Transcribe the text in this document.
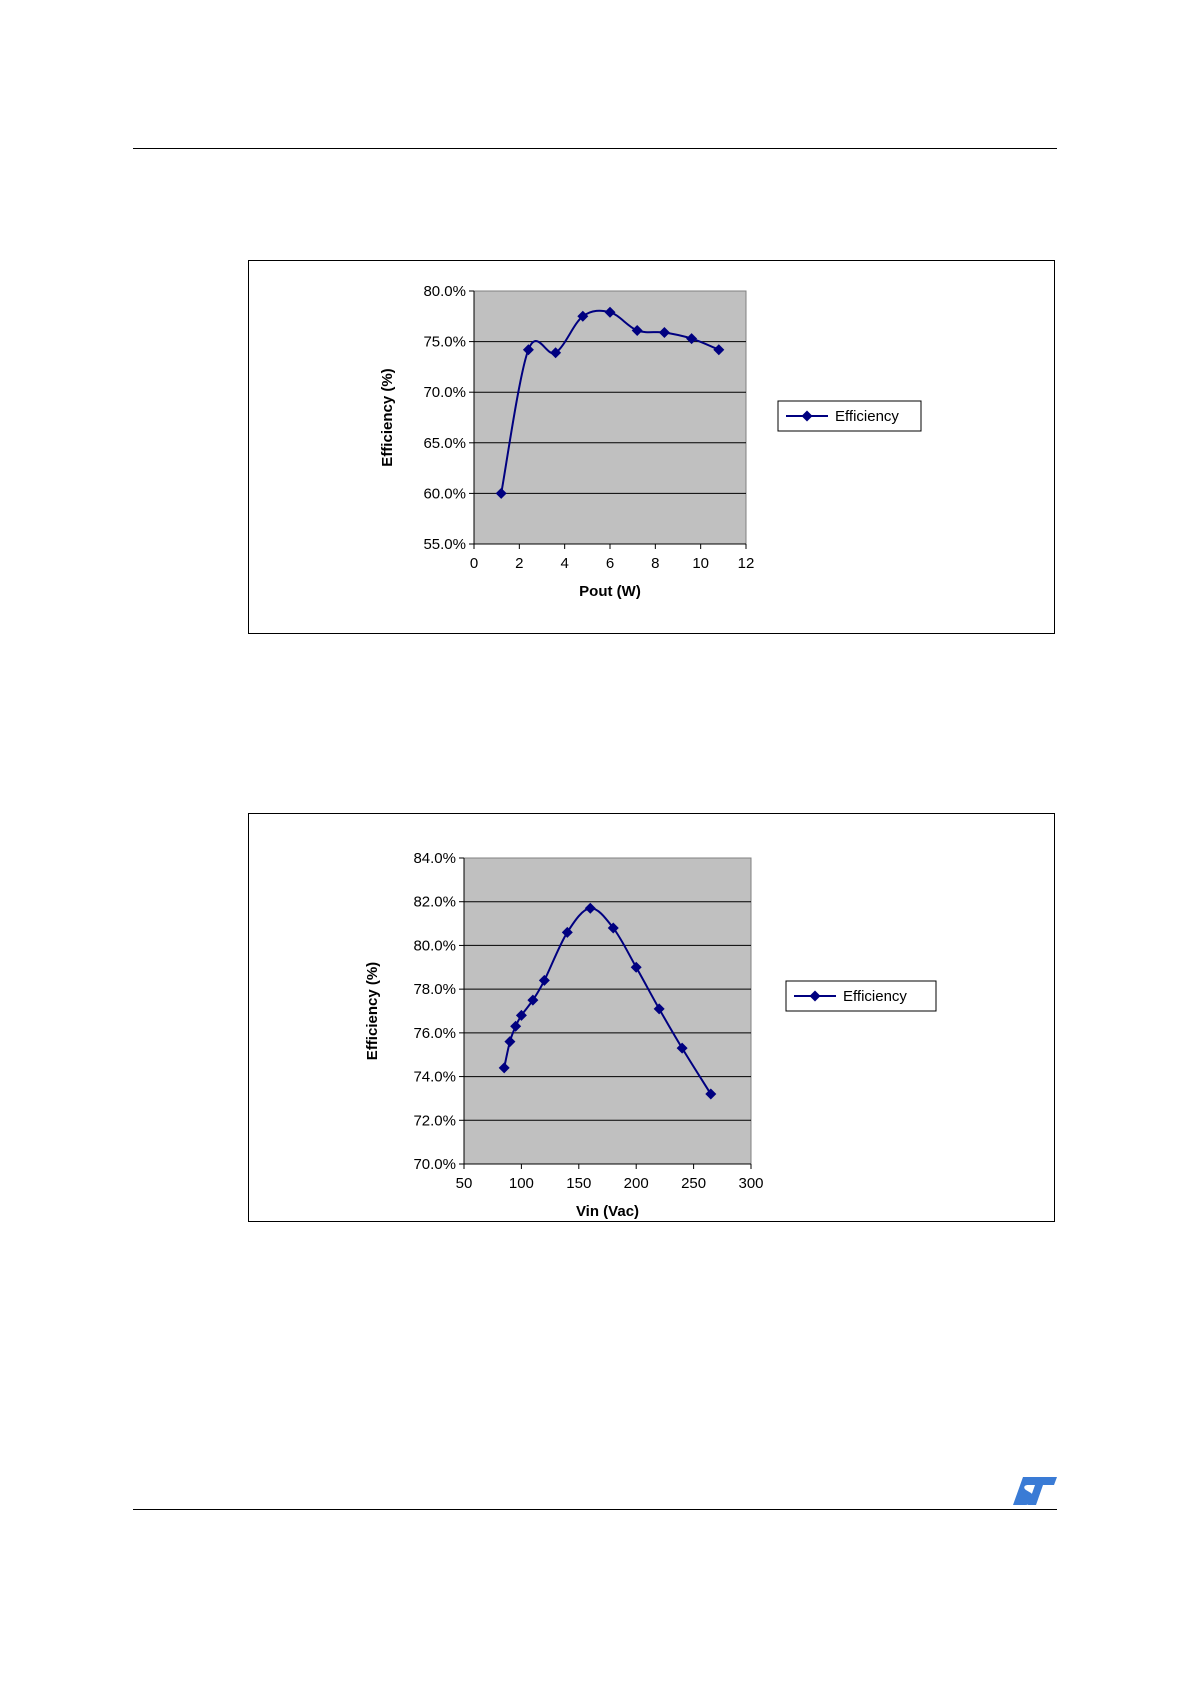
55.0%
60.0%
65.0%
70.0%
75.0%
80.0%
0 2 4 6 8 10 12
Pout (W)
Efficiency (%)	Efficiency
70.0%
72.0%
74.0%
76.0%
78.0%
80.0%
82.0%
84.0%
50 100 150 200 250 300
Vin (Vac)
Efficiency (%)	Efficiency
